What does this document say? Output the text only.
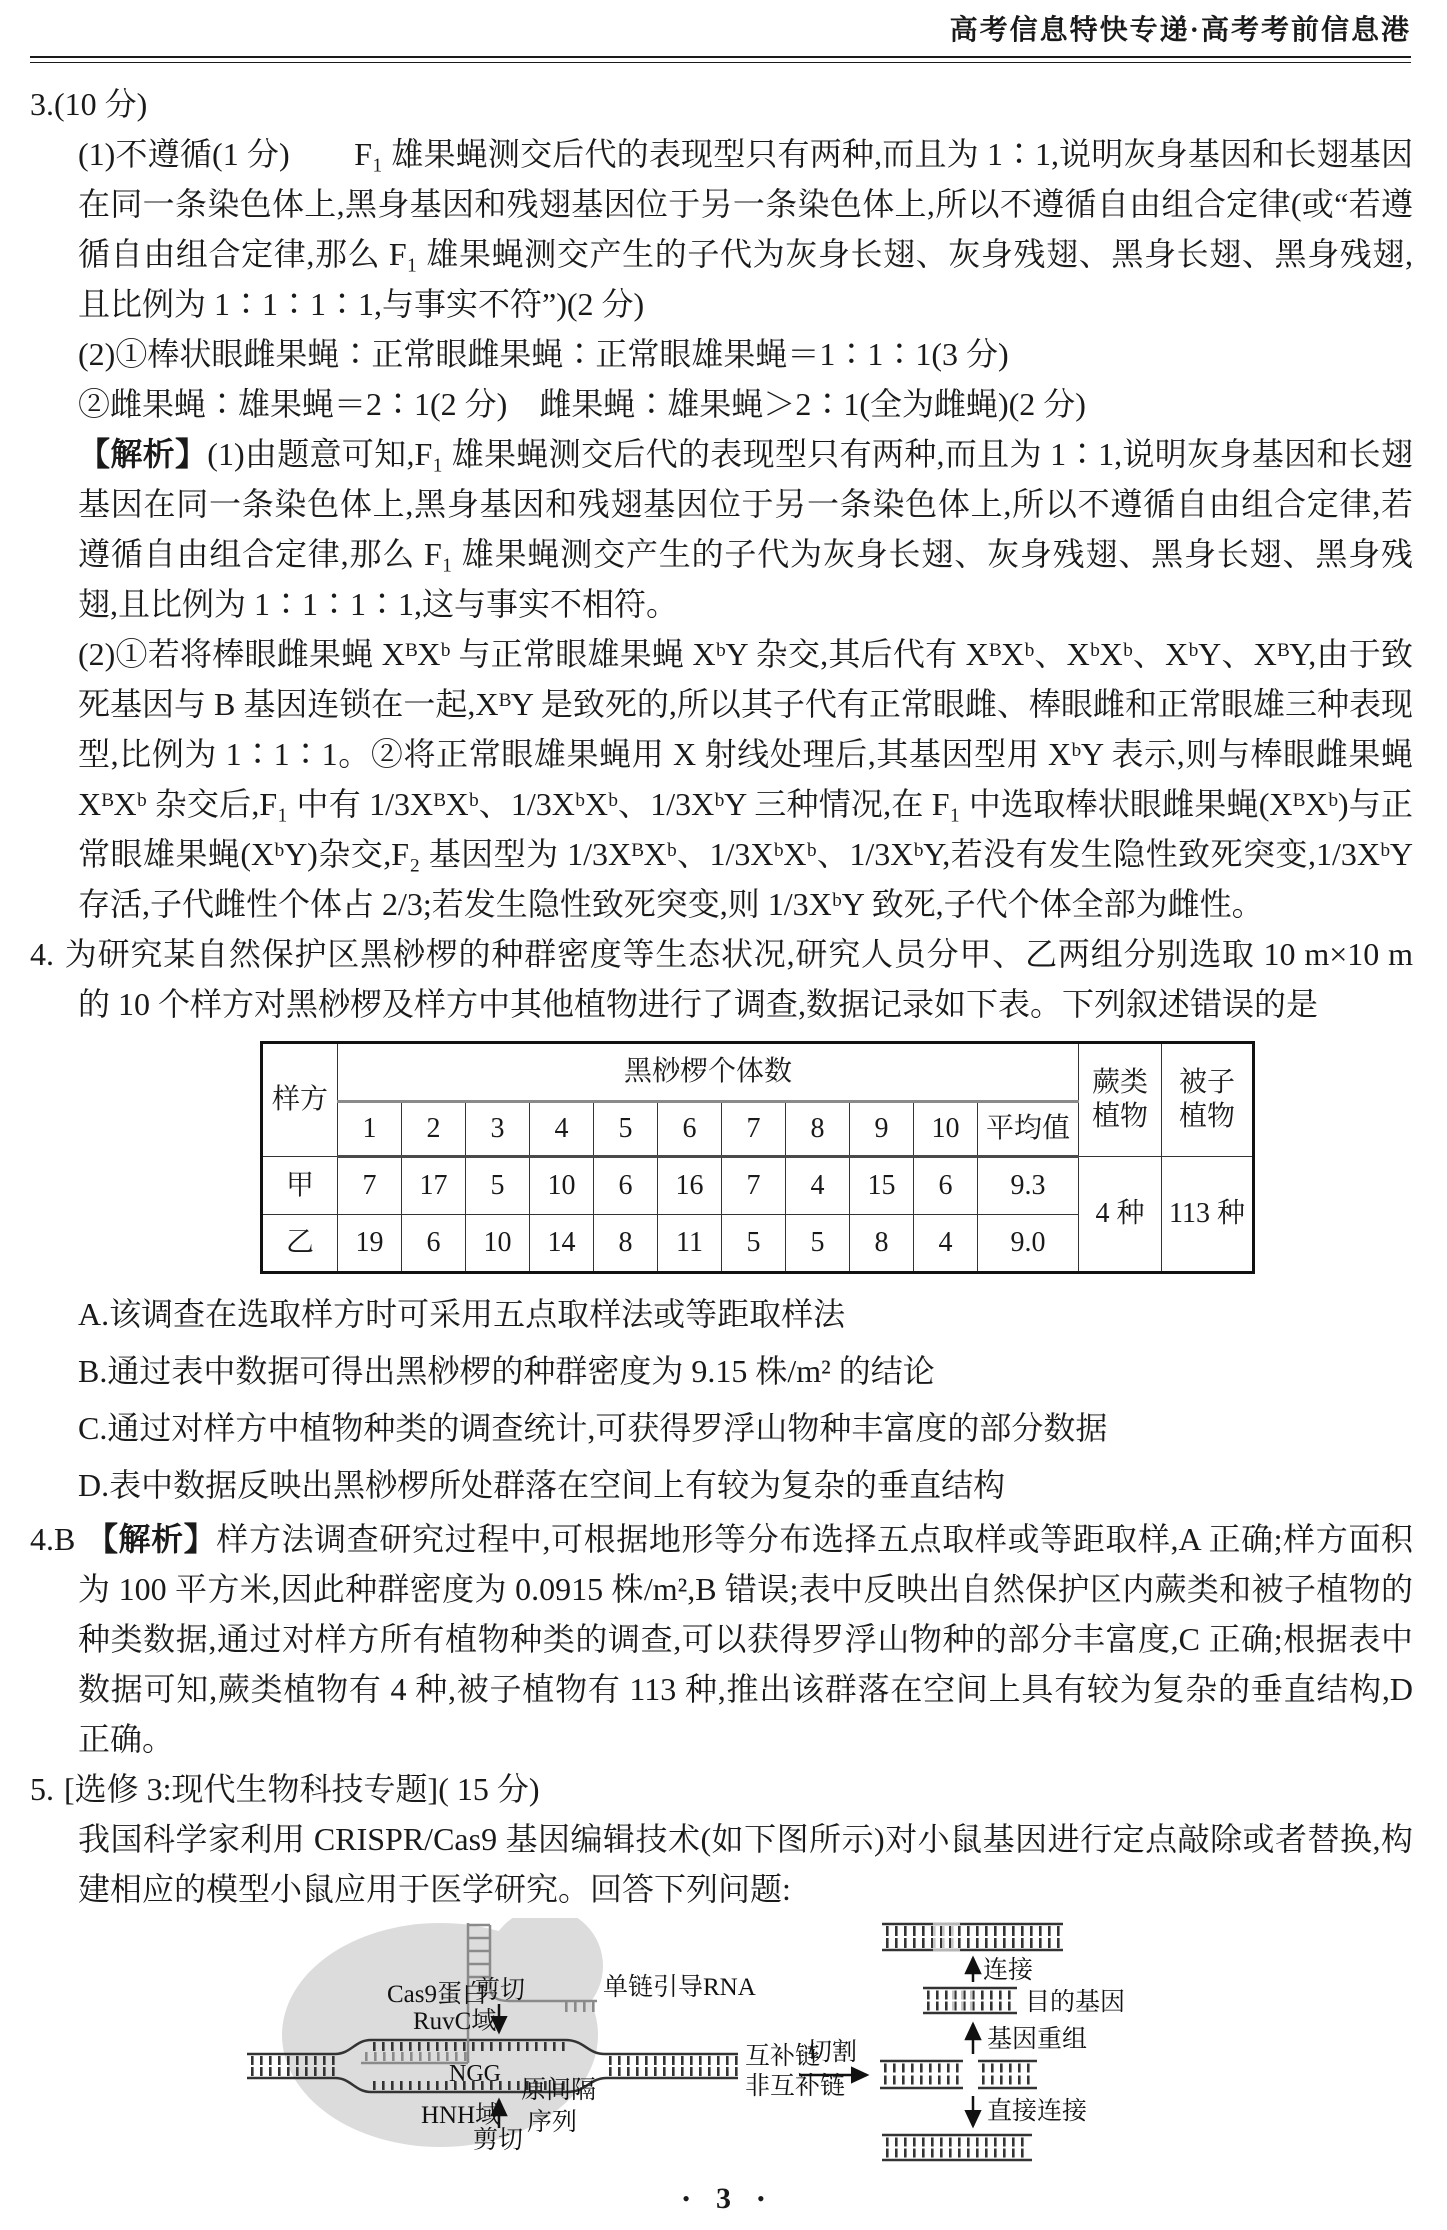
高考信息特快专递·高考考前信息港

3.(10 分)

(1)不遵循(1 分)　　F₁ 雄果蝇测交后代的表现型只有两种,而且为 1∶1,说明灰身基因和长翅基因在同一条染色体上,黑身基因和残翅基因位于另一条染色体上,所以不遵循自由组合定律(或“若遵循自由组合定律,那么 F₁ 雄果蝇测交产生的子代为灰身长翅、灰身残翅、黑身长翅、黑身残翅,且比例为 1∶1∶1∶1,与事实不符”)(2 分)

(2)①棒状眼雌果蝇∶正常眼雌果蝇∶正常眼雄果蝇＝1∶1∶1(3 分)

②雌果蝇∶雄果蝇＝2∶1(2 分)　雌果蝇∶雄果蝇＞2∶1(全为雌蝇)(2 分)

【解析】(1)由题意可知,F₁ 雄果蝇测交后代的表现型只有两种,而且为 1∶1,说明灰身基因和长翅基因在同一条染色体上,黑身基因和残翅基因位于另一条染色体上,所以不遵循自由组合定律,若遵循自由组合定律,那么 F₁ 雄果蝇测交产生的子代为灰身长翅、灰身残翅、黑身长翅、黑身残翅,且比例为 1∶1∶1∶1,这与事实不相符。

(2)①若将棒眼雌果蝇 XᴮXᵇ 与正常眼雄果蝇 XᵇY 杂交,其后代有 XᴮXᵇ、XᵇXᵇ、XᵇY、XᴮY,由于致死基因与 B 基因连锁在一起,XᴮY 是致死的,所以其子代有正常眼雌、棒眼雌和正常眼雄三种表现型,比例为 1∶1∶1。②将正常眼雄果蝇用 X 射线处理后,其基因型用 XᵇY 表示,则与棒眼雌果蝇 XᴮXᵇ 杂交后,F₁ 中有 1/3XᴮXᵇ、1/3XᵇXᵇ、1/3XᵇY 三种情况,在 F₁ 中选取棒状眼雌果蝇(XᴮXᵇ)与正常眼雄果蝇(XᵇY)杂交,F₂ 基因型为 1/3XᴮXᵇ、1/3XᵇXᵇ、1/3XᵇY,若没有发生隐性致死突变,1/3XᵇY 存活,子代雌性个体占 2/3;若发生隐性致死突变,则 1/3XᵇY 致死,子代个体全部为雌性。

4. 为研究某自然保护区黑桫椤的种群密度等生态状况,研究人员分甲、乙两组分别选取 10 m×10 m 的 10 个样方对黑桫椤及样方中其他植物进行了调查,数据记录如下表。下列叙述错误的是

样方	黑桫椤个体数											蕨类植物	被子植物
	1	2	3	4	5	6	7	8	9	10	平均值		
甲	7	17	5	10	6	16	7	4	15	6	9.3	4 种	113 种
乙	19	6	10	14	8	11	5	5	8	4	9.0		

A.该调查在选取样方时可采用五点取样法或等距取样法

B.通过表中数据可得出黑桫椤的种群密度为 9.15 株/m² 的结论

C.通过对样方中植物种类的调查统计,可获得罗浮山物种丰富度的部分数据

D.表中数据反映出黑桫椤所处群落在空间上有较为复杂的垂直结构

4.B 【解析】样方法调查研究过程中,可根据地形等分布选择五点取样或等距取样,A 正确;样方面积为 100 平方米,因此种群密度为 0.0915 株/m²,B 错误;表中反映出自然保护区内蕨类和被子植物的种类数据,通过对样方所有植物种类的调查,可以获得罗浮山物种的部分丰富度,C 正确;根据表中数据可知,蕨类植物有 4 种,被子植物有 113 种,推出该群落在空间上具有较为复杂的垂直结构,D 正确。

5. [选修 3:现代生物科技专题]( 15 分)

我国科学家利用 CRISPR/Cas9 基因编辑技术(如下图所示)对小鼠基因进行定点敲除或者替换,构建相应的模型小鼠应用于医学研究。回答下列问题:

Cas9蛋白
剪切
RuvC域
单链引导RNA
NGG
HNH域
剪切
原间隔
序列
互补链
非互补链
切割
连接
目的基因
基因重组
直接连接
• 3 •
